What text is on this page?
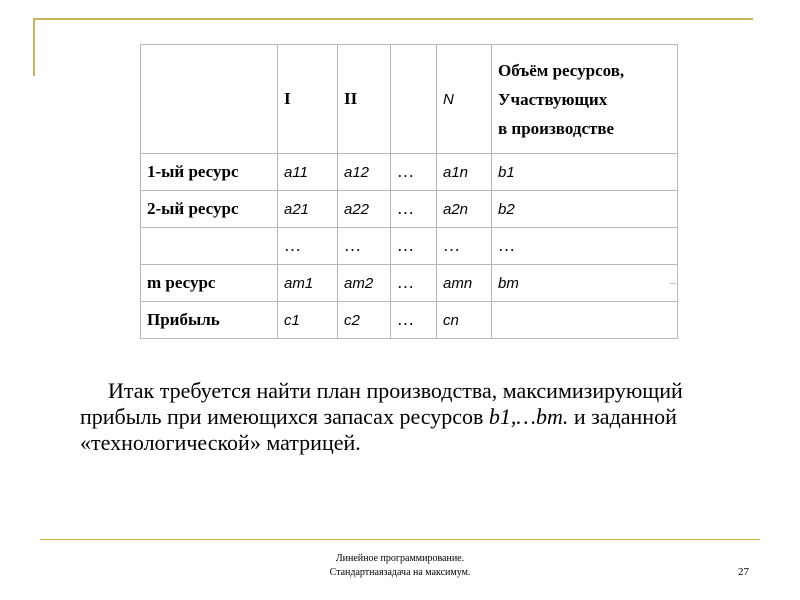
	I	II		N	Объём ресурсов,
Участвующих
в производстве

1-ый ресурс	a11	a12	…	a1n	b1
2-ый ресурс	a21	a22	…	a2n	b2
	…	…	…	…	…
m ресурс	am1	am2	…	amn	bm
Прибыль	c1	c2	…	cn	
–
Итак требуется найти план производства, максимизирующий прибыль при имеющихся запасах ресурсов b1,…bm. и заданной «технологической» матрицей.
Линейное программирование.
Стандартнаязадача на максимум.	27
